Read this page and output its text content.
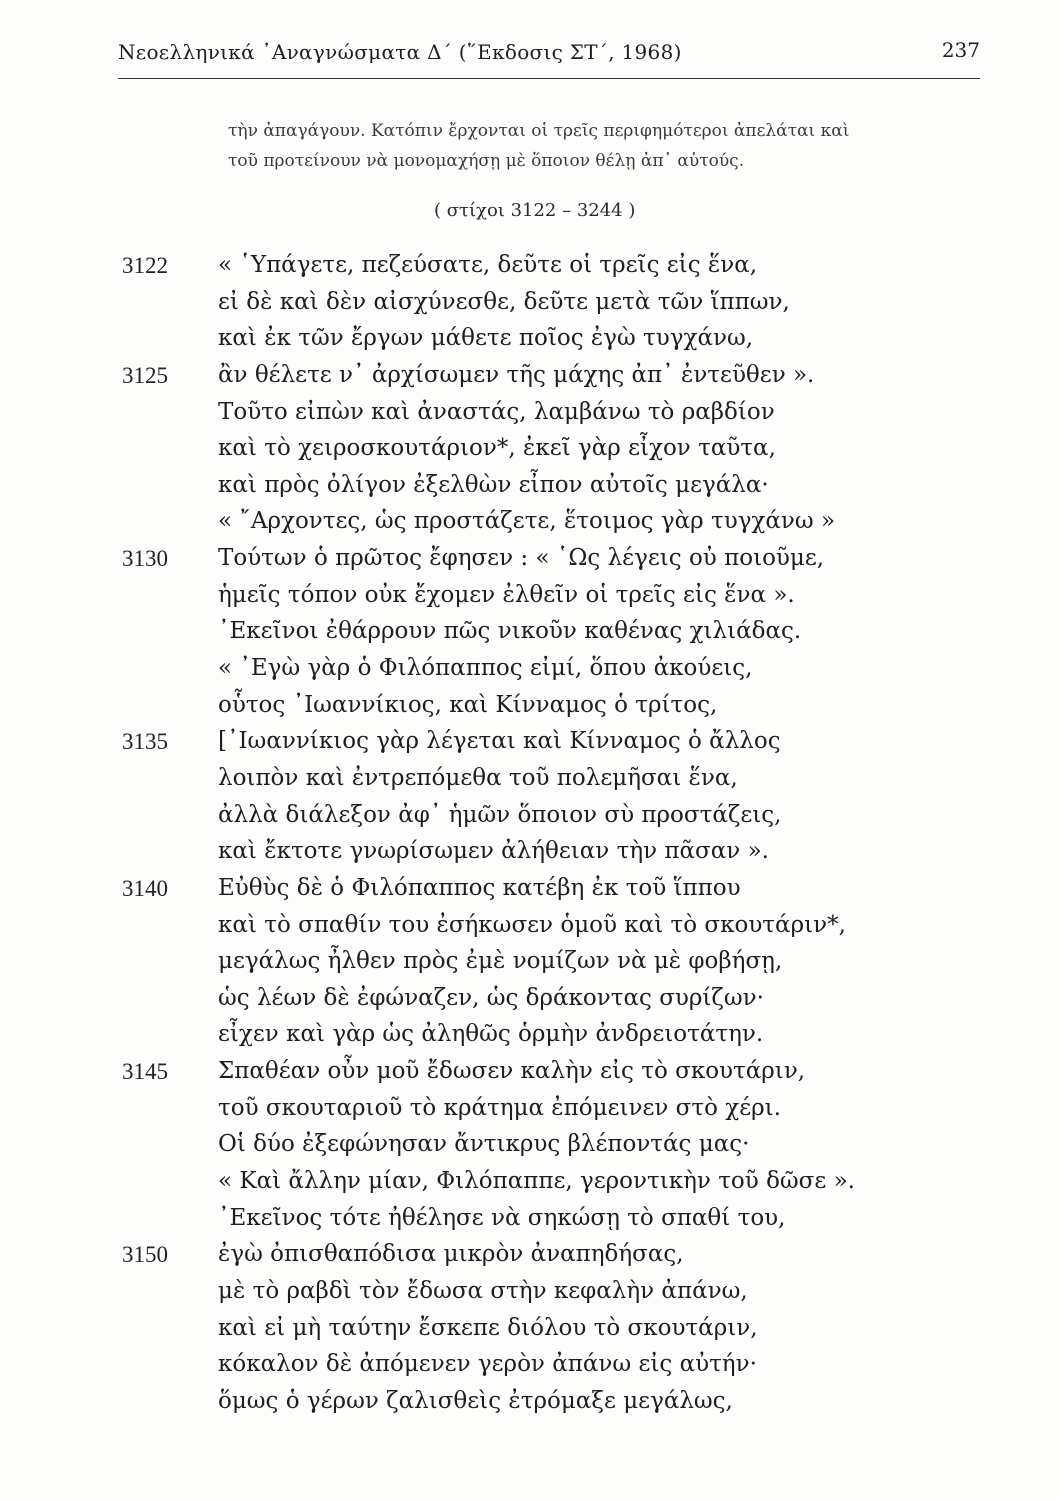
Νεοελληνικά ᾿Αναγνώσματα Δ΄ (῞Εκδοσις ΣΤ΄, 1968)	237

τὴν ἀπαγάγουν. Κατόπιν ἔρχονται οἱ τρεῖς περιφημότεροι ἀπελάται καὶ

τοῦ προτείνουν νὰ μονομαχήσῃ μὲ ὅποιον θέλῃ ἀπ᾿ αὐτούς.

( στίχοι 3122 – 3244 )
3122 « ῾Υπάγετε, πεζεύσατε, δεῦτε οἱ τρεῖς εἰς ἕνα,
εἰ δὲ καὶ δὲν αἰσχύνεσθε, δεῦτε μετὰ τῶν ἵππων,
καὶ ἐκ τῶν ἔργων μάθετε ποῖος ἐγὼ τυγχάνω,
3125 ἂν θέλετε ν᾿ ἀρχίσωμεν τῆς μάχης ἀπ᾿ ἐντεῦθεν ».
Τοῦτο εἰπὼν καὶ ἀναστάς, λαμβάνω τὸ ραβδίον
καὶ τὸ χειροσκουτάριον*, ἐκεῖ γὰρ εἶχον ταῦτα,
καὶ πρὸς ὀλίγον ἐξελθὼν εἶπον αὐτοῖς μεγάλα·
« ῎Αρχοντες, ὡς προστάζετε, ἕτοιμος γὰρ τυγχάνω »
3130 Τούτων ὁ πρῶτος ἔφησεν : « ῾Ως λέγεις οὐ ποιοῦμε,
ἡμεῖς τόπον οὐκ ἔχομεν ἐλθεῖν οἱ τρεῖς εἰς ἕνα ».
᾿Εκεῖνοι ἐθάρρουν πῶς νικοῦν καθένας χιλιάδας.
« ᾿Εγὼ γὰρ ὁ Φιλόπαππος εἰμί, ὅπου ἀκούεις,
οὗτος ᾿Ιωαννίκιος, καὶ Κίνναμος ὁ τρίτος,
3135 [᾿Ιωαννίκιος γὰρ λέγεται καὶ Κίνναμος ὁ ἄλλος
λοιπὸν καὶ ἐντρεπόμεθα τοῦ πολεμῆσαι ἕνα,
ἀλλὰ διάλεξον ἀφ᾿ ἡμῶν ὅποιον σὺ προστάζεις,
καὶ ἔκτοτε γνωρίσωμεν ἀλήθειαν τὴν πᾶσαν ».
3140 Εὐθὺς δὲ ὁ Φιλόπαππος κατέβη ἐκ τοῦ ἵππου
καὶ τὸ σπαθίν του ἐσήκωσεν ὁμοῦ καὶ τὸ σκουτάριν*,
μεγάλως ἦλθεν πρὸς ἐμὲ νομίζων νὰ μὲ φοβήσῃ,
ὡς λέων δὲ ἐφώναζεν, ὡς δράκοντας συρίζων·
εἶχεν καὶ γὰρ ὡς ἀληθῶς ὁρμὴν ἀνδρειοτάτην.
3145 Σπαθέαν οὖν μοῦ ἔδωσεν καλὴν εἰς τὸ σκουτάριν,
τοῦ σκουταριοῦ τὸ κράτημα ἐπόμεινεν στὸ χέρι.
Οἱ δύο ἐξεφώνησαν ἄντικρυς βλέποντάς μας·
« Καὶ ἄλλην μίαν, Φιλόπαππε, γεροντικὴν τοῦ δῶσε ».
᾿Εκεῖνος τότε ἠθέλησε νὰ σηκώσῃ τὸ σπαθί του,
3150 ἐγὼ ὀπισθαπόδισα μικρὸν ἀναπηδήσας,
μὲ τὸ ραβδὶ τὸν ἔδωσα στὴν κεφαλὴν ἀπάνω,
καὶ εἰ μὴ ταύτην ἔσκεπε διόλου τὸ σκουτάριν,
κόκαλον δὲ ἀπόμενεν γερὸν ἀπάνω εἰς αὐτήν·
ὅμως ὁ γέρων ζαλισθεὶς ἐτρόμαξε μεγάλως,
